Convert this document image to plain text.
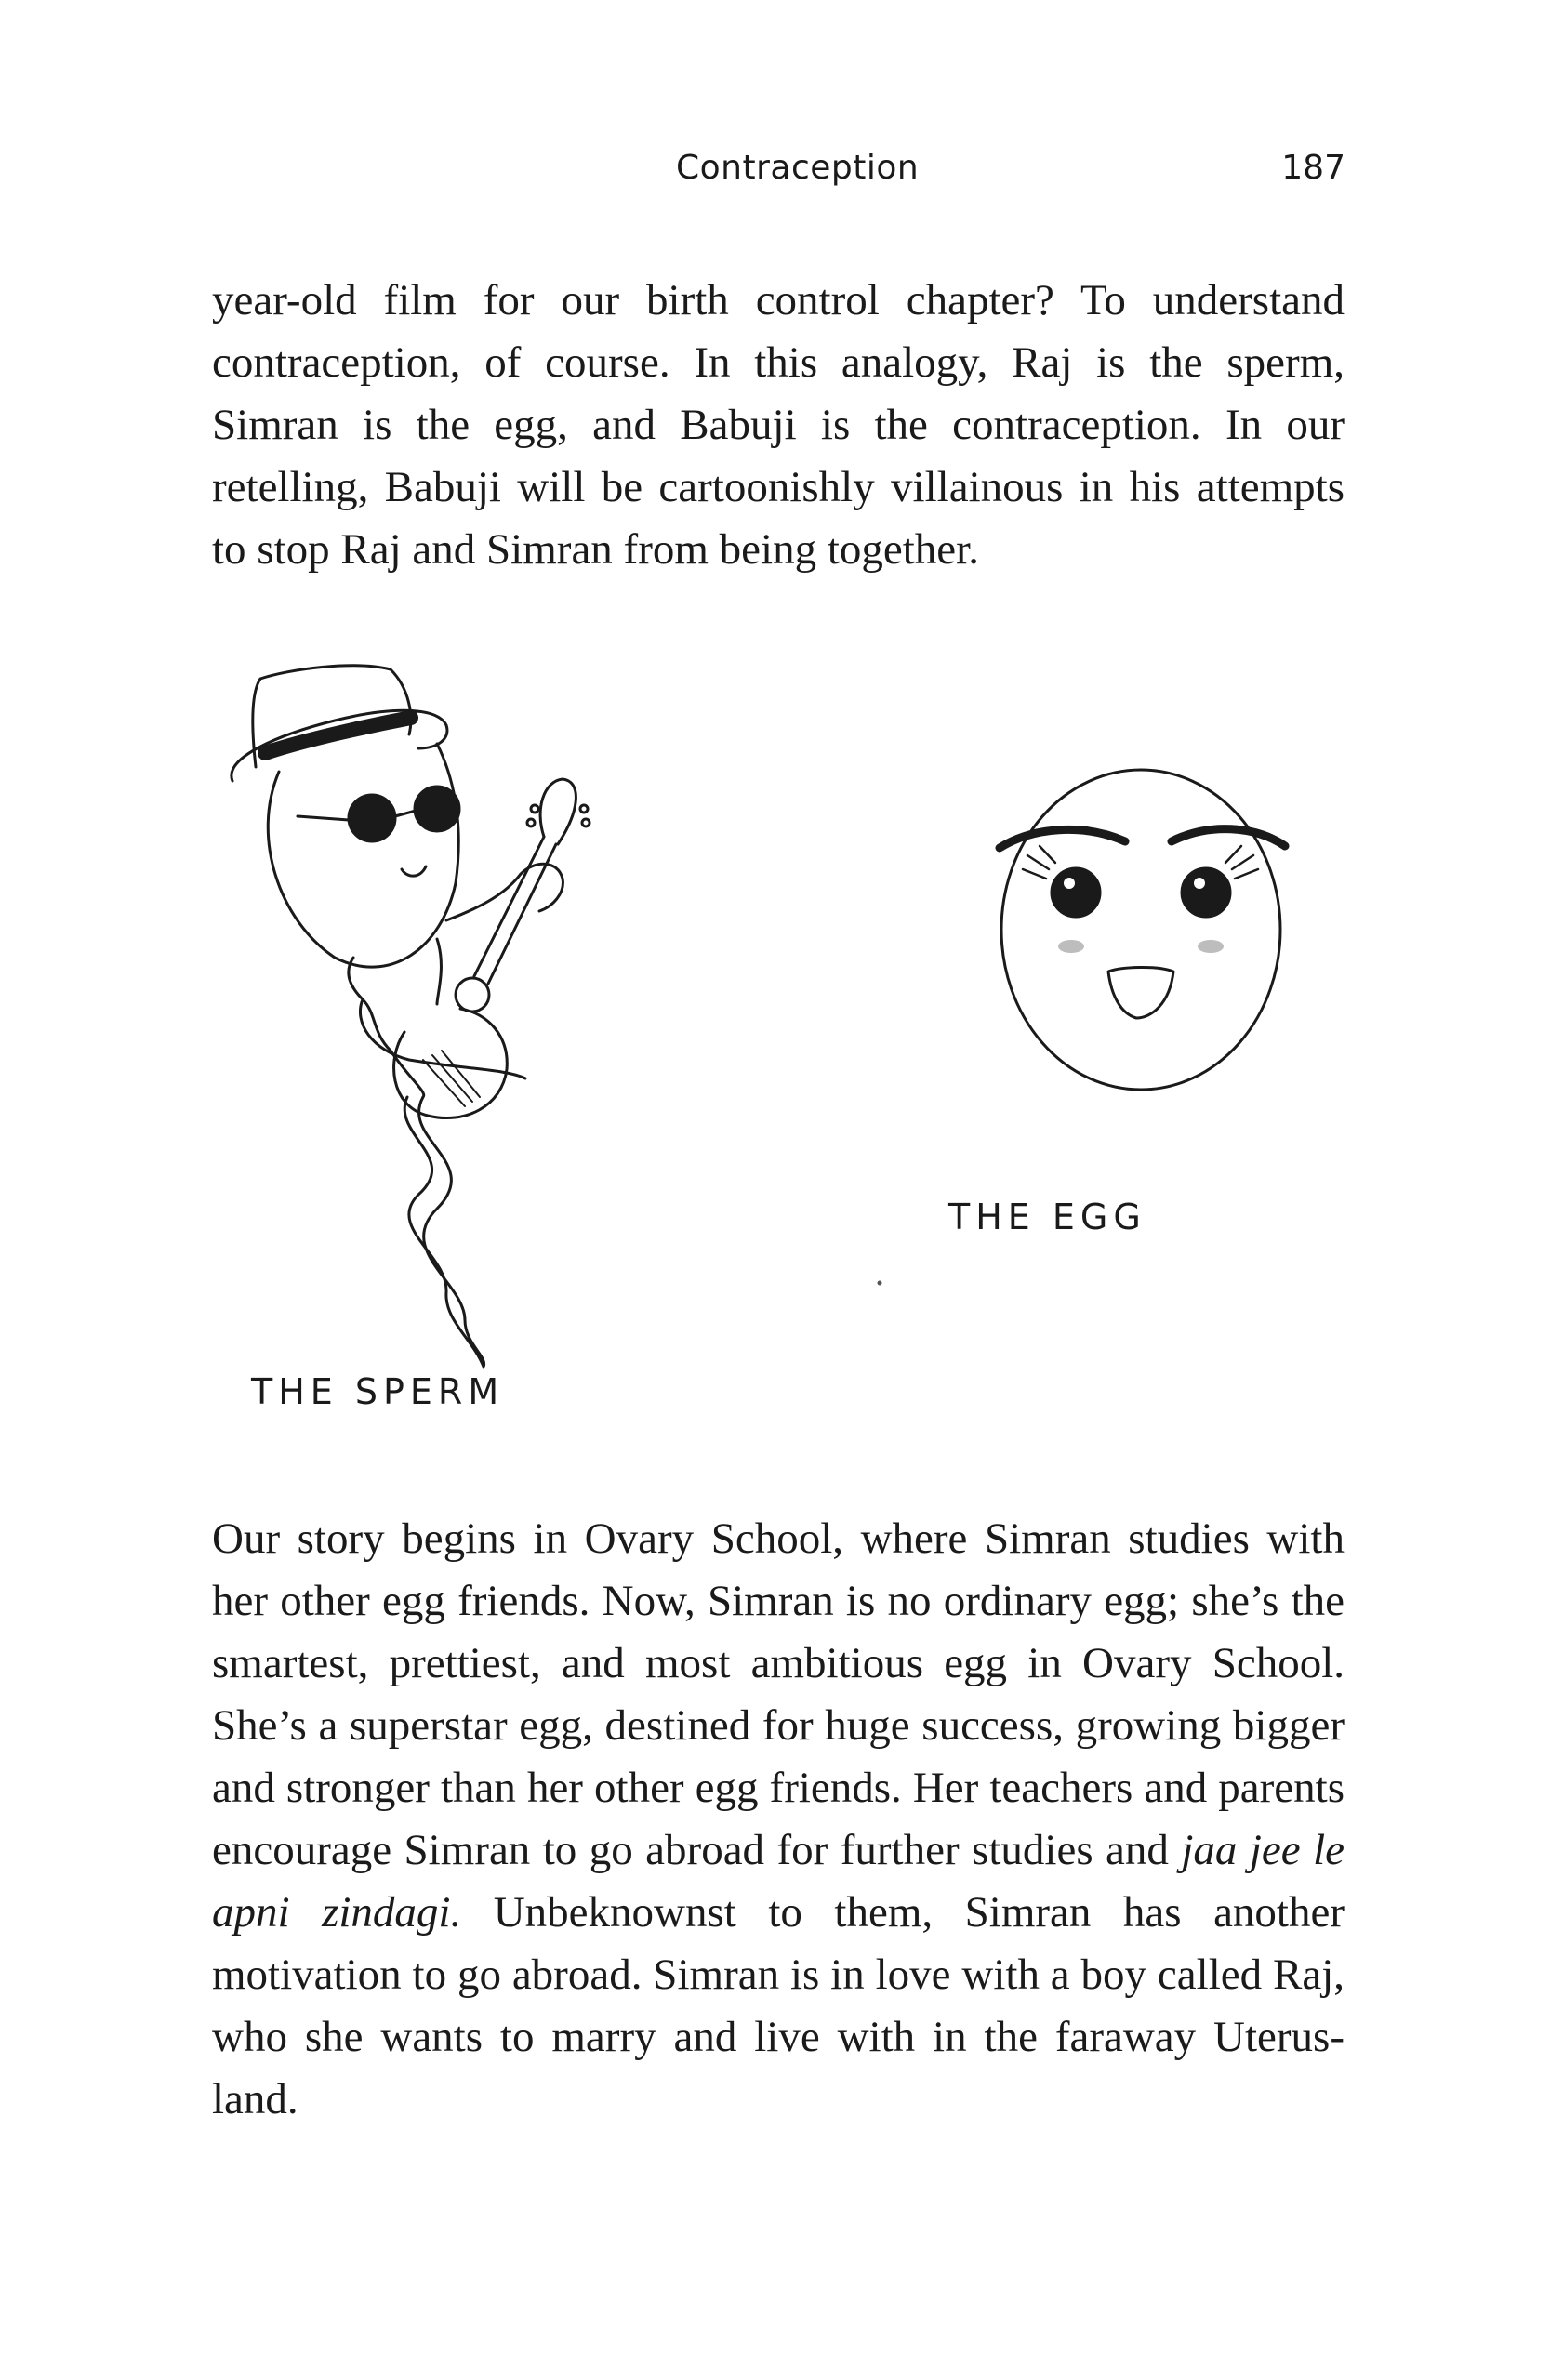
Contraception	187

year-old film for our birth control chapter? To understand contraception, of course. In this analogy, Raj is the sperm, Simran is the egg, and Babuji is the contraception. In our retelling, Babuji will be cartoonishly villainous in his attempts to stop Raj and Simran from being together.

THE EGG
THE SPERM

Our story begins in Ovary School, where Simran studies with her other egg friends. Now, Simran is no ordinary egg; she’s the smartest, prettiest, and most ambitious egg in Ovary School. She’s a superstar egg, destined for huge success, growing bigger and stronger than her other egg friends. Her teachers and parents encourage Simran to go abroad for further studies and jaa jee le apni zindagi. Unbeknownst to them, Simran has another motivation to go abroad. Simran is in love with a boy called Raj, who she wants to marry and live with in the faraway Uterus-land.
